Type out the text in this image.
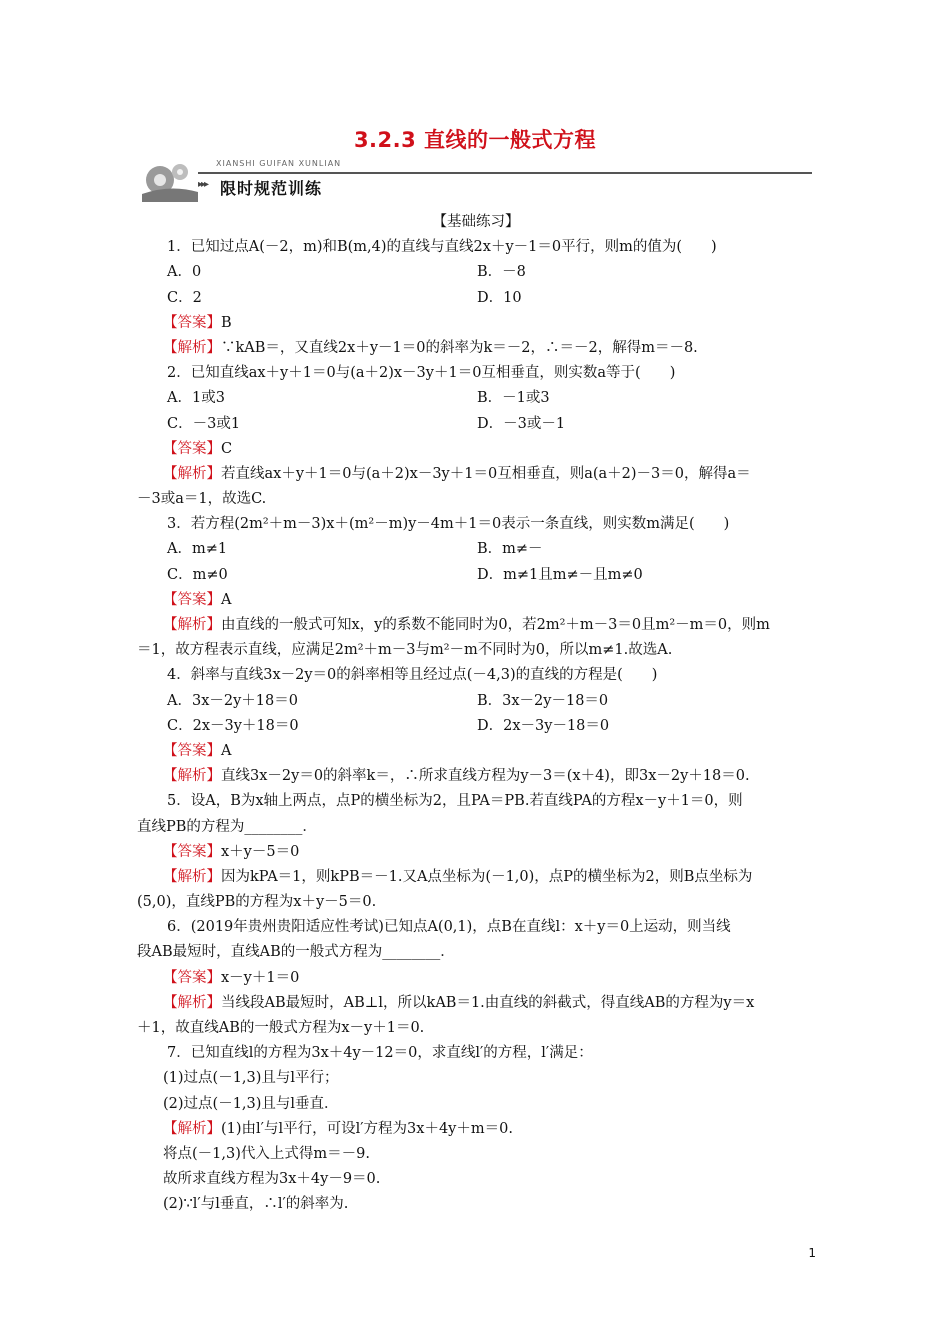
3.2.3 直线的一般式方程
XIANSHI GUIFAN XUNLIAN
▸▸▸ 限时规范训练
【基础练习】
1．已知过点A(－2，m)和B(m,4)的直线与直线2x＋y－1＝0平行，则m的值为(　　)
A．0	B．－8
C．2	D．10
【答案】B
【解析】∵kAB＝，又直线2x＋y－1＝0的斜率为k＝－2，∴＝－2，解得m＝－8.
2．已知直线ax＋y＋1＝0与(a＋2)x－3y＋1＝0互相垂直，则实数a等于(　　)
A．1或3	B．－1或3
C．－3或1	D．－3或－1
【答案】C
【解析】若直线ax＋y＋1＝0与(a＋2)x－3y＋1＝0互相垂直，则a(a＋2)－3＝0，解得a＝
－3或a＝1，故选C.
3．若方程(2m²＋m－3)x＋(m²－m)y－4m＋1＝0表示一条直线，则实数m满足(　　)
A．m≠1	B．m≠－
C．m≠0	D．m≠1且m≠－且m≠0
【答案】A
【解析】由直线的一般式可知x，y的系数不能同时为0，若2m²＋m－3＝0且m²－m＝0，则m
＝1，故方程表示直线，应满足2m²＋m－3与m²－m不同时为0，所以m≠1.故选A.
4．斜率与直线3x－2y＝0的斜率相等且经过点(－4,3)的直线的方程是(　　)
A．3x－2y＋18＝0	B．3x－2y－18＝0
C．2x－3y＋18＝0	D．2x－3y－18＝0
【答案】A
【解析】直线3x－2y＝0的斜率k＝，∴所求直线方程为y－3＝(x＋4)，即3x－2y＋18＝0.
5．设A，B为x轴上两点，点P的横坐标为2，且PA＝PB.若直线PA的方程x－y＋1＝0，则
直线PB的方程为________．
【答案】x＋y－5＝0
【解析】因为kPA＝1，则kPB＝－1.又A点坐标为(－1,0)，点P的横坐标为2，则B点坐标为
(5,0)，直线PB的方程为x＋y－5＝0.
6．(2019年贵州贵阳适应性考试)已知点A(0,1)，点B在直线l：x＋y＝0上运动，则当线
段AB最短时，直线AB的一般式方程为________．
【答案】x－y＋1＝0
【解析】当线段AB最短时，AB⊥l，所以kAB＝1.由直线的斜截式，得直线AB的方程为y＝x
＋1，故直线AB的一般式方程为x－y＋1＝0.
7．已知直线l的方程为3x＋4y－12＝0，求直线l′的方程，l′满足：
(1)过点(－1,3)且与l平行；
(2)过点(－1,3)且与l垂直．
【解析】(1)由l′与l平行，可设l′方程为3x＋4y＋m＝0.
将点(－1,3)代入上式得m＝－9.
故所求直线方程为3x＋4y－9＝0.
(2)∵l′与l垂直，∴l′的斜率为.
1
